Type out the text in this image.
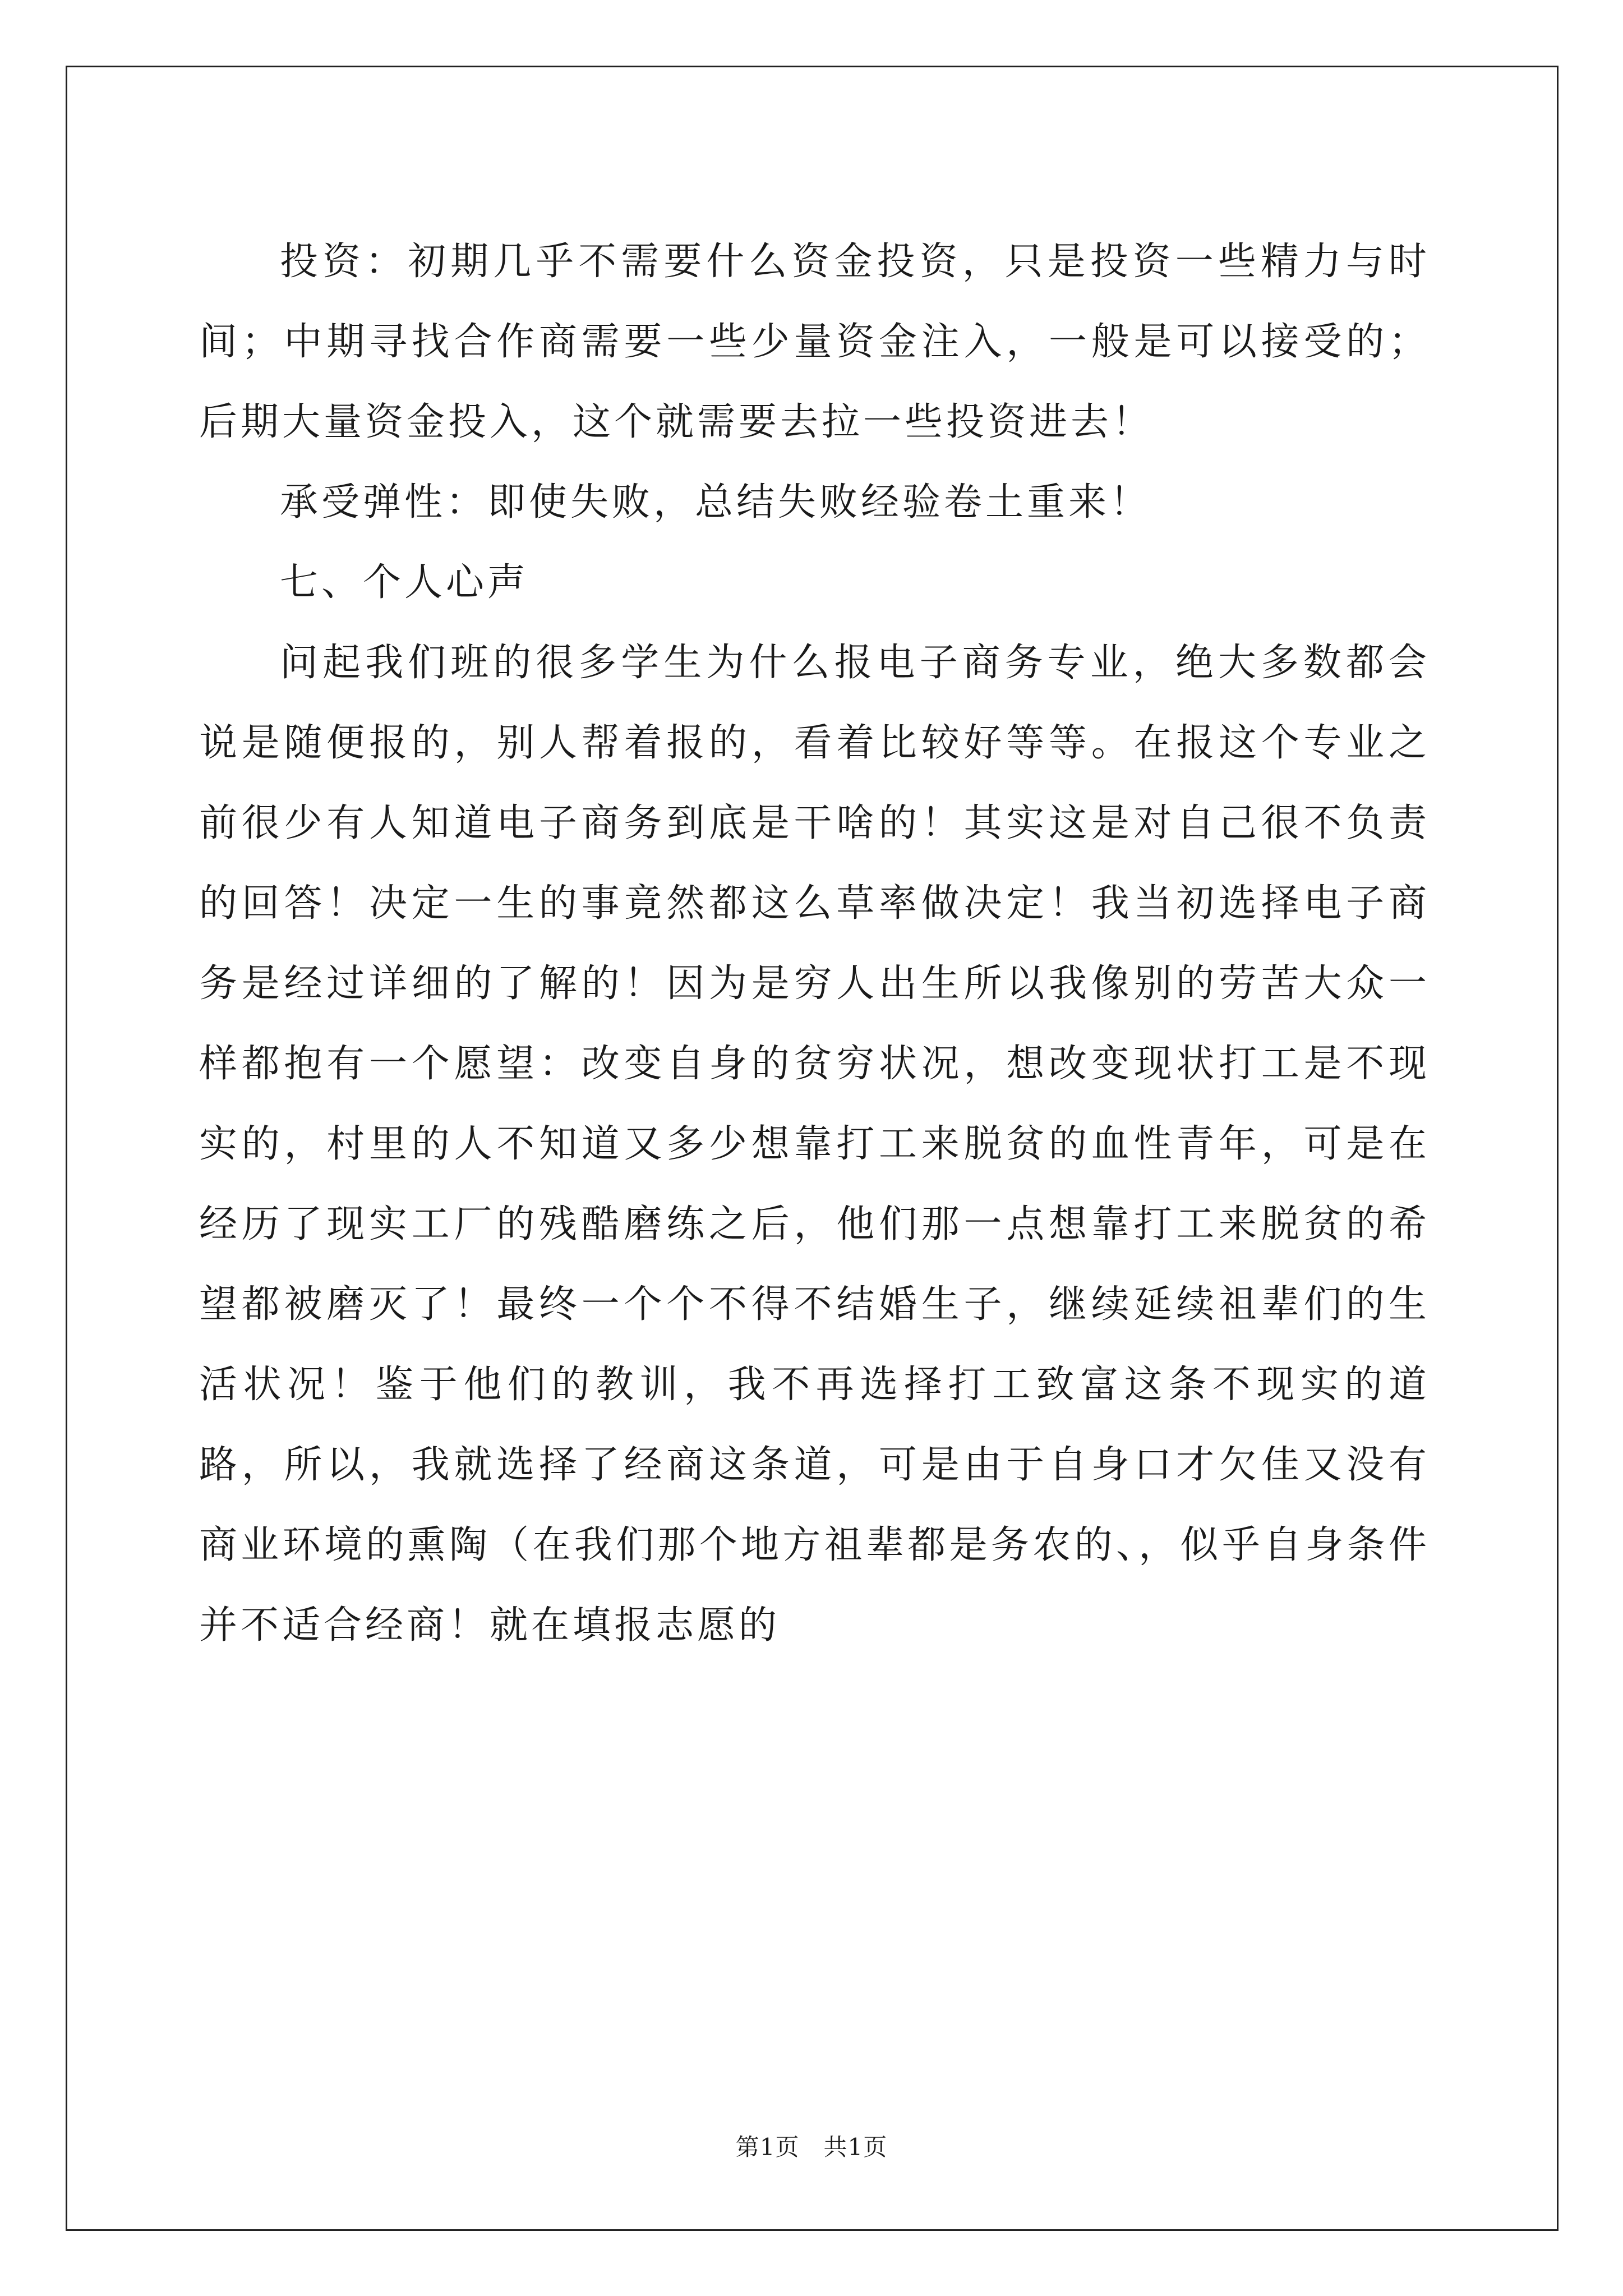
投资：初期几乎不需要什么资金投资，只是投资一些精力与时间；中期寻找合作商需要一些少量资金注入，一般是可以接受的；后期大量资金投入，这个就需要去拉一些投资进去！

承受弹性：即使失败，总结失败经验卷土重来！

七、个人心声

问起我们班的很多学生为什么报电子商务专业，绝大多数都会说是随便报的，别人帮着报的，看着比较好等等。在报这个专业之前很少有人知道电子商务到底是干啥的！其实这是对自己很不负责的回答！决定一生的事竟然都这么草率做决定！我当初选择电子商务是经过详细的了解的！因为是穷人出生所以我像别的劳苦大众一样都抱有一个愿望：改变自身的贫穷状况，想改变现状打工是不现实的，村里的人不知道又多少想靠打工来脱贫的血性青年，可是在经历了现实工厂的残酷磨练之后，他们那一点想靠打工来脱贫的希望都被磨灭了！最终一个个不得不结婚生子，继续延续祖辈们的生活状况！鉴于他们的教训，我不再选择打工致富这条不现实的道路，所以，我就选择了经商这条道，可是由于自身口才欠佳又没有商业环境的熏陶（在我们那个地方祖辈都是务农的、，似乎自身条件并不适合经商！就在填报志愿的

第1页 共1页
